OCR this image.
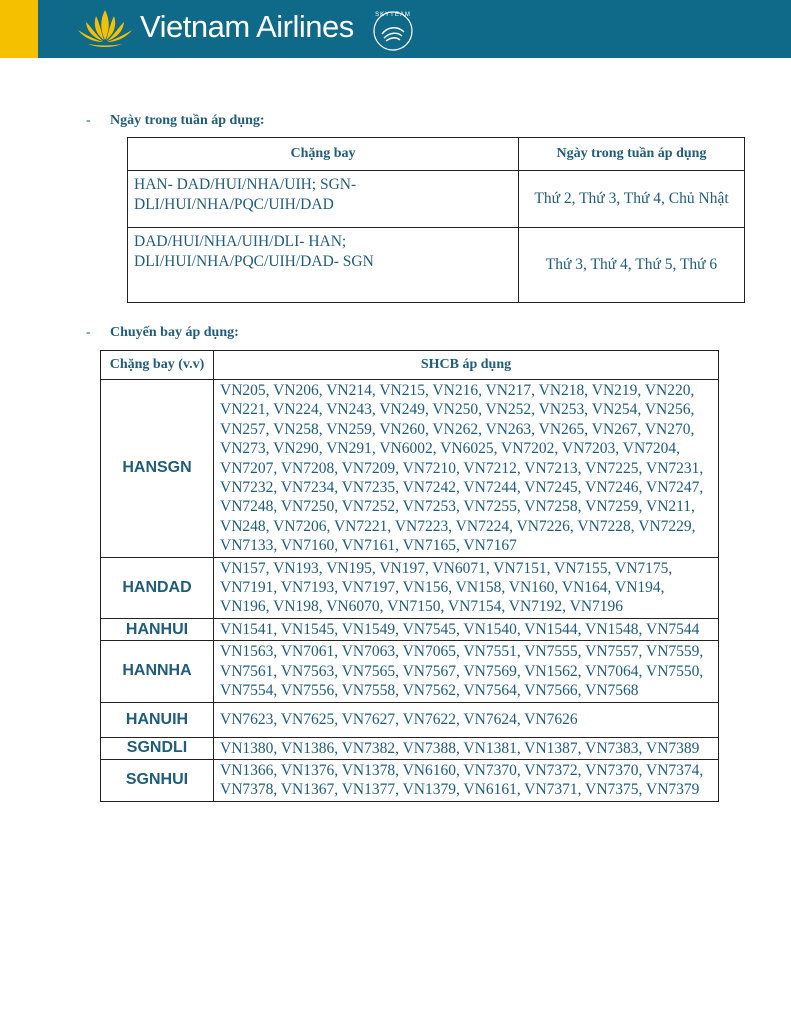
Vietnam Airlines	SKYTEAM
- Ngày trong tuần áp dụng:
Chặng bay	Ngày trong tuần áp dụng

HAN- DAD/HUI/NHA/UIH; SGN-
DLI/HUI/NHA/PQC/UIH/DAD	Thứ 2, Thứ 3, Thứ 4, Chủ Nhật

DAD/HUI/NHA/UIH/DLI- HAN;
DLI/HUI/NHA/PQC/UIH/DAD- SGN	Thứ 3, Thứ 4, Thứ 5, Thứ 6
- Chuyến bay áp dụng:
Chặng bay (v.v)	SHCB áp dụng
HANSGN	VN205, VN206, VN214, VN215, VN216, VN217, VN218, VN219, VN220, VN221, VN224, VN243, VN249, VN250, VN252, VN253, VN254, VN256, VN257, VN258, VN259, VN260, VN262, VN263, VN265, VN267, VN270, VN273, VN290, VN291, VN6002, VN6025, VN7202, VN7203, VN7204, VN7207, VN7208, VN7209, VN7210, VN7212, VN7213, VN7225, VN7231, VN7232, VN7234, VN7235, VN7242, VN7244, VN7245, VN7246, VN7247, VN7248, VN7250, VN7252, VN7253, VN7255, VN7258, VN7259, VN211, VN248, VN7206, VN7221, VN7223, VN7224, VN7226, VN7228, VN7229, VN7133, VN7160, VN7161, VN7165, VN7167
HANDAD	VN157, VN193, VN195, VN197, VN6071, VN7151, VN7155, VN7175, VN7191, VN7193, VN7197, VN156, VN158, VN160, VN164, VN194, VN196, VN198, VN6070, VN7150, VN7154, VN7192, VN7196
HANHUI	VN1541, VN1545, VN1549, VN7545, VN1540, VN1544, VN1548, VN7544
HANNHA	VN1563, VN7061, VN7063, VN7065, VN7551, VN7555, VN7557, VN7559, VN7561, VN7563, VN7565, VN7567, VN7569, VN1562, VN7064, VN7550, VN7554, VN7556, VN7558, VN7562, VN7564, VN7566, VN7568
HANUIH	VN7623, VN7625, VN7627, VN7622, VN7624, VN7626
SGNDLI	VN1380, VN1386, VN7382, VN7388, VN1381, VN1387, VN7383, VN7389
SGNHUI	VN1366, VN1376, VN1378, VN6160, VN7370, VN7372, VN7370, VN7374, VN7378, VN1367, VN1377, VN1379, VN6161, VN7371, VN7375, VN7379
